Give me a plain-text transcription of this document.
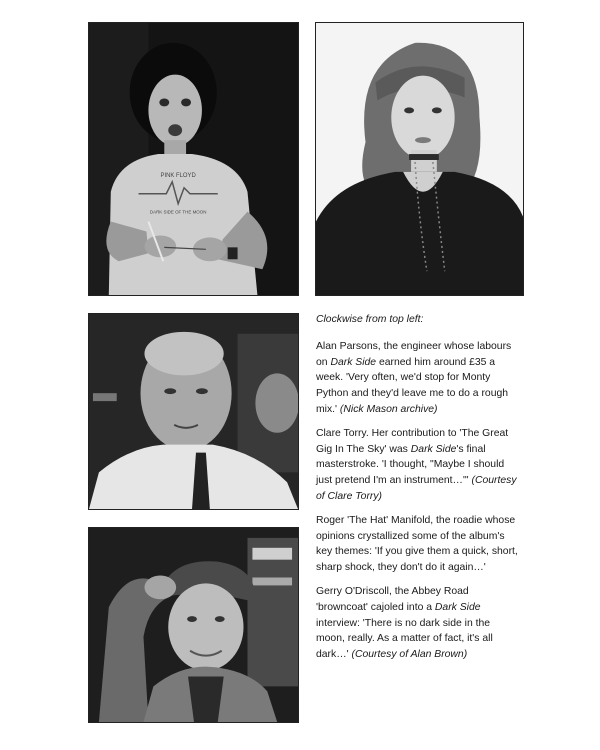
PINK FLOYD
DARK SIDE OF THE MOON

Clockwise from top left:

Alan Parsons, the engineer whose labours on Dark Side earned him around £35 a week. 'Very often, we'd stop for Monty Python and they'd leave me to do a rough mix.' (Nick Mason archive)

Clare Torry. Her contribution to 'The Great Gig In The Sky' was Dark Side's final masterstroke. 'I thought, "Maybe I should just pretend I'm an instrument…"' (Courtesy of Clare Torry)

Roger 'The Hat' Manifold, the roadie whose opinions crystallized some of the album's key themes: 'If you give them a quick, short, sharp shock, they don't do it again…'

Gerry O'Driscoll, the Abbey Road 'browncoat' cajoled into a Dark Side interview: 'There is no dark side in the moon, really. As a matter of fact, it's all dark…' (Courtesy of Alan Brown)
